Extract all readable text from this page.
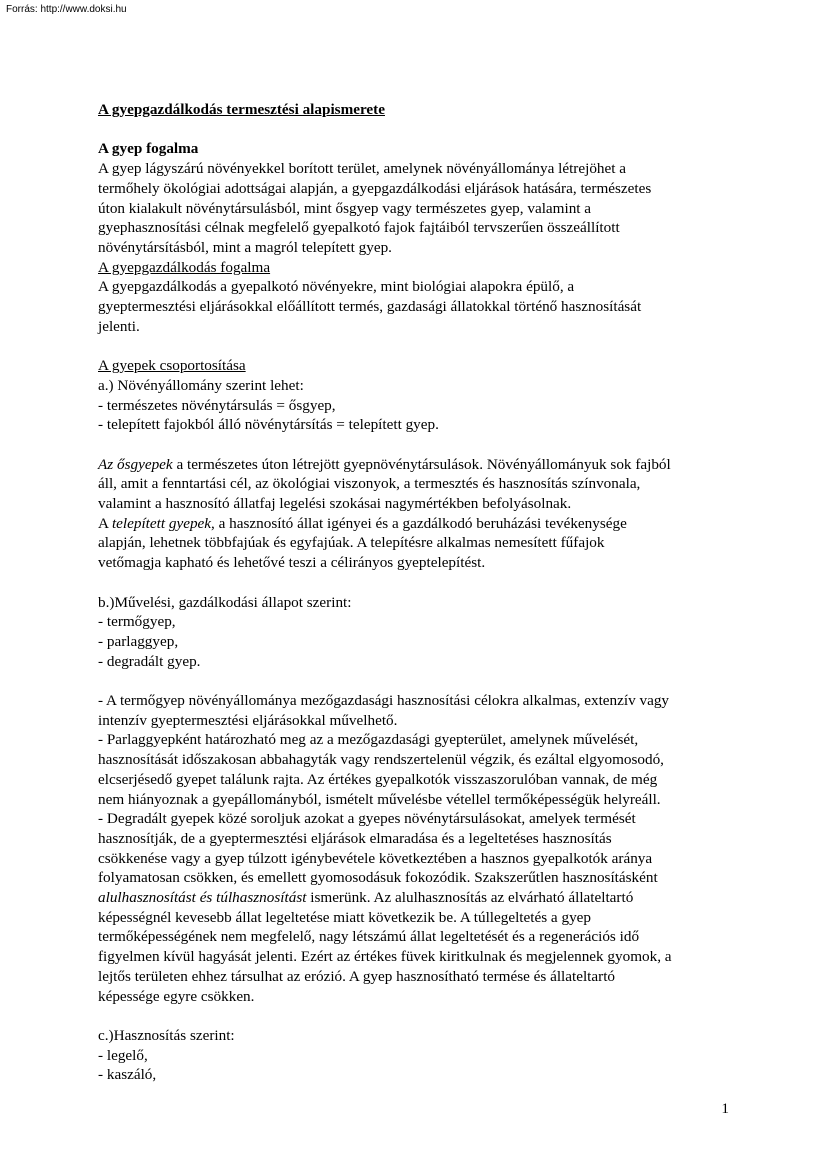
Forrás: http://www.doksi.hu

A gyepgazdálkodás termesztési alapismerete

A gyep fogalma

A gyep lágyszárú növényekkel borított terület, amelynek növényállománya létrejöhet a

termőhely ökológiai adottságai alapján, a gyepgazdálkodási eljárások hatására, természetes

úton kialakult növénytársulásból, mint ősgyep vagy természetes gyep, valamint a

gyephasznosítási célnak megfelelő gyepalkotó fajok fajtáiból tervszerűen összeállított

növénytársításból, mint a magról telepített gyep.

A gyepgazdálkodás fogalma

A gyepgazdálkodás a gyepalkotó növényekre, mint biológiai alapokra épülő, a

gyeptermesztési eljárásokkal előállított termés, gazdasági állatokkal történő hasznosítását

jelenti.

A gyepek csoportosítása

a.) Növényállomány szerint lehet:

- természetes növénytársulás = ősgyep,

- telepített fajokból álló növénytársítás = telepített gyep.

Az ősgyepek a természetes úton létrejött gyepnövénytársulások. Növényállományuk sok fajból

áll, amit a fenntartási cél, az ökológiai viszonyok, a termesztés és hasznosítás színvonala,

valamint a hasznosító állatfaj legelési szokásai nagymértékben befolyásolnak.

A telepített gyepek, a hasznosító állat igényei és a gazdálkodó beruházási tevékenysége

alapján, lehetnek többfajúak és egyfajúak. A telepítésre alkalmas nemesített fűfajok

vetőmagja kapható és lehetővé teszi a célirányos gyeptelepítést.

b.)Művelési, gazdálkodási állapot szerint:

- termőgyep,

- parlaggyep,

- degradált gyep.

- A termőgyep növényállománya mezőgazdasági hasznosítási célokra alkalmas, extenzív vagy

intenzív gyeptermesztési eljárásokkal művelhető.

- Parlaggyepként határozható meg az a mezőgazdasági gyepterület, amelynek művelését,

hasznosítását időszakosan abbahagyták vagy rendszertelenül végzik, és ezáltal elgyomosodó,

elcserjésedő gyepet találunk rajta. Az értékes gyepalkotók visszaszorulóban vannak, de még

nem hiányoznak a gyepállományból, ismételt művelésbe vétellel termőképességük helyreáll.

- Degradált gyepek közé soroljuk azokat a gyepes növénytársulásokat, amelyek termését

hasznosítják, de a gyeptermesztési eljárások elmaradása és a legeltetéses hasznosítás

csökkenése vagy a gyep túlzott igénybevétele következtében a hasznos gyepalkotók aránya

folyamatosan csökken, és emellett gyomosodásuk fokozódik. Szakszerűtlen hasznosításként

alulhasznosítást és túlhasznosítást ismerünk. Az alulhasznosítás az elvárható állateltartó

képességnél kevesebb állat legeltetése miatt következik be. A túllegeltetés a gyep

termőképességének nem megfelelő, nagy létszámú állat legeltetését és a regenerációs idő

figyelmen kívül hagyását jelenti. Ezért az értékes füvek kiritkulnak és megjelennek gyomok, a

lejtős területen ehhez társulhat az erózió. A gyep hasznosítható termése és állateltartó

képessége egyre csökken.

c.)Hasznosítás szerint:

- legelő,

- kaszáló,

1
